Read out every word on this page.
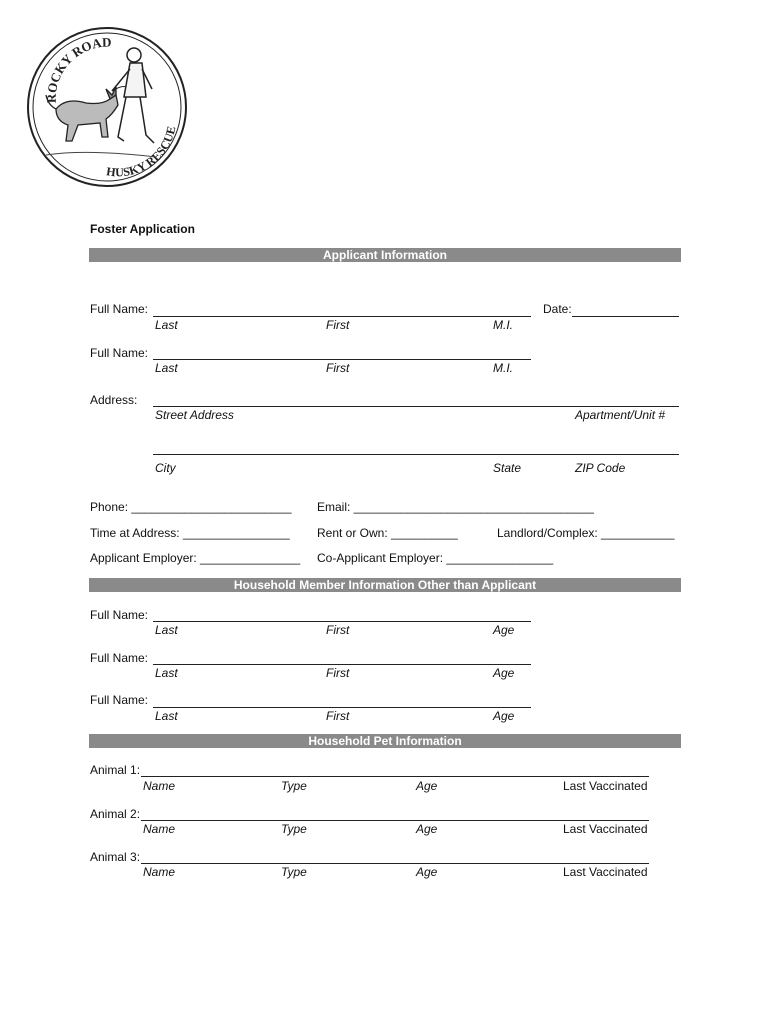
ROCKY ROAD
HUSKY RESCUE
Foster Application
Applicant Information
Full Name:	Date:
Last	First	M.I.
Full Name:
Last	First	M.I.
Address:
Street Address	Apartment/Unit #
City	State	ZIP Code
Phone: ________________________ Email: ____________________________________
Time at Address: ________________ Rent or Own: __________	Landlord/Complex: ___________
Applicant Employer: _______________ Co-Applicant Employer: ________________
Household Member Information Other than Applicant
Full Name:
Last	First	Age
Full Name:
Last	First	Age
Full Name:
Last	First	Age
Household Pet Information
Animal 1:
Name	Type	Age	Last Vaccinated
Animal 2:
Name	Type	Age	Last Vaccinated
Animal 3:
Name	Type	Age	Last Vaccinated
